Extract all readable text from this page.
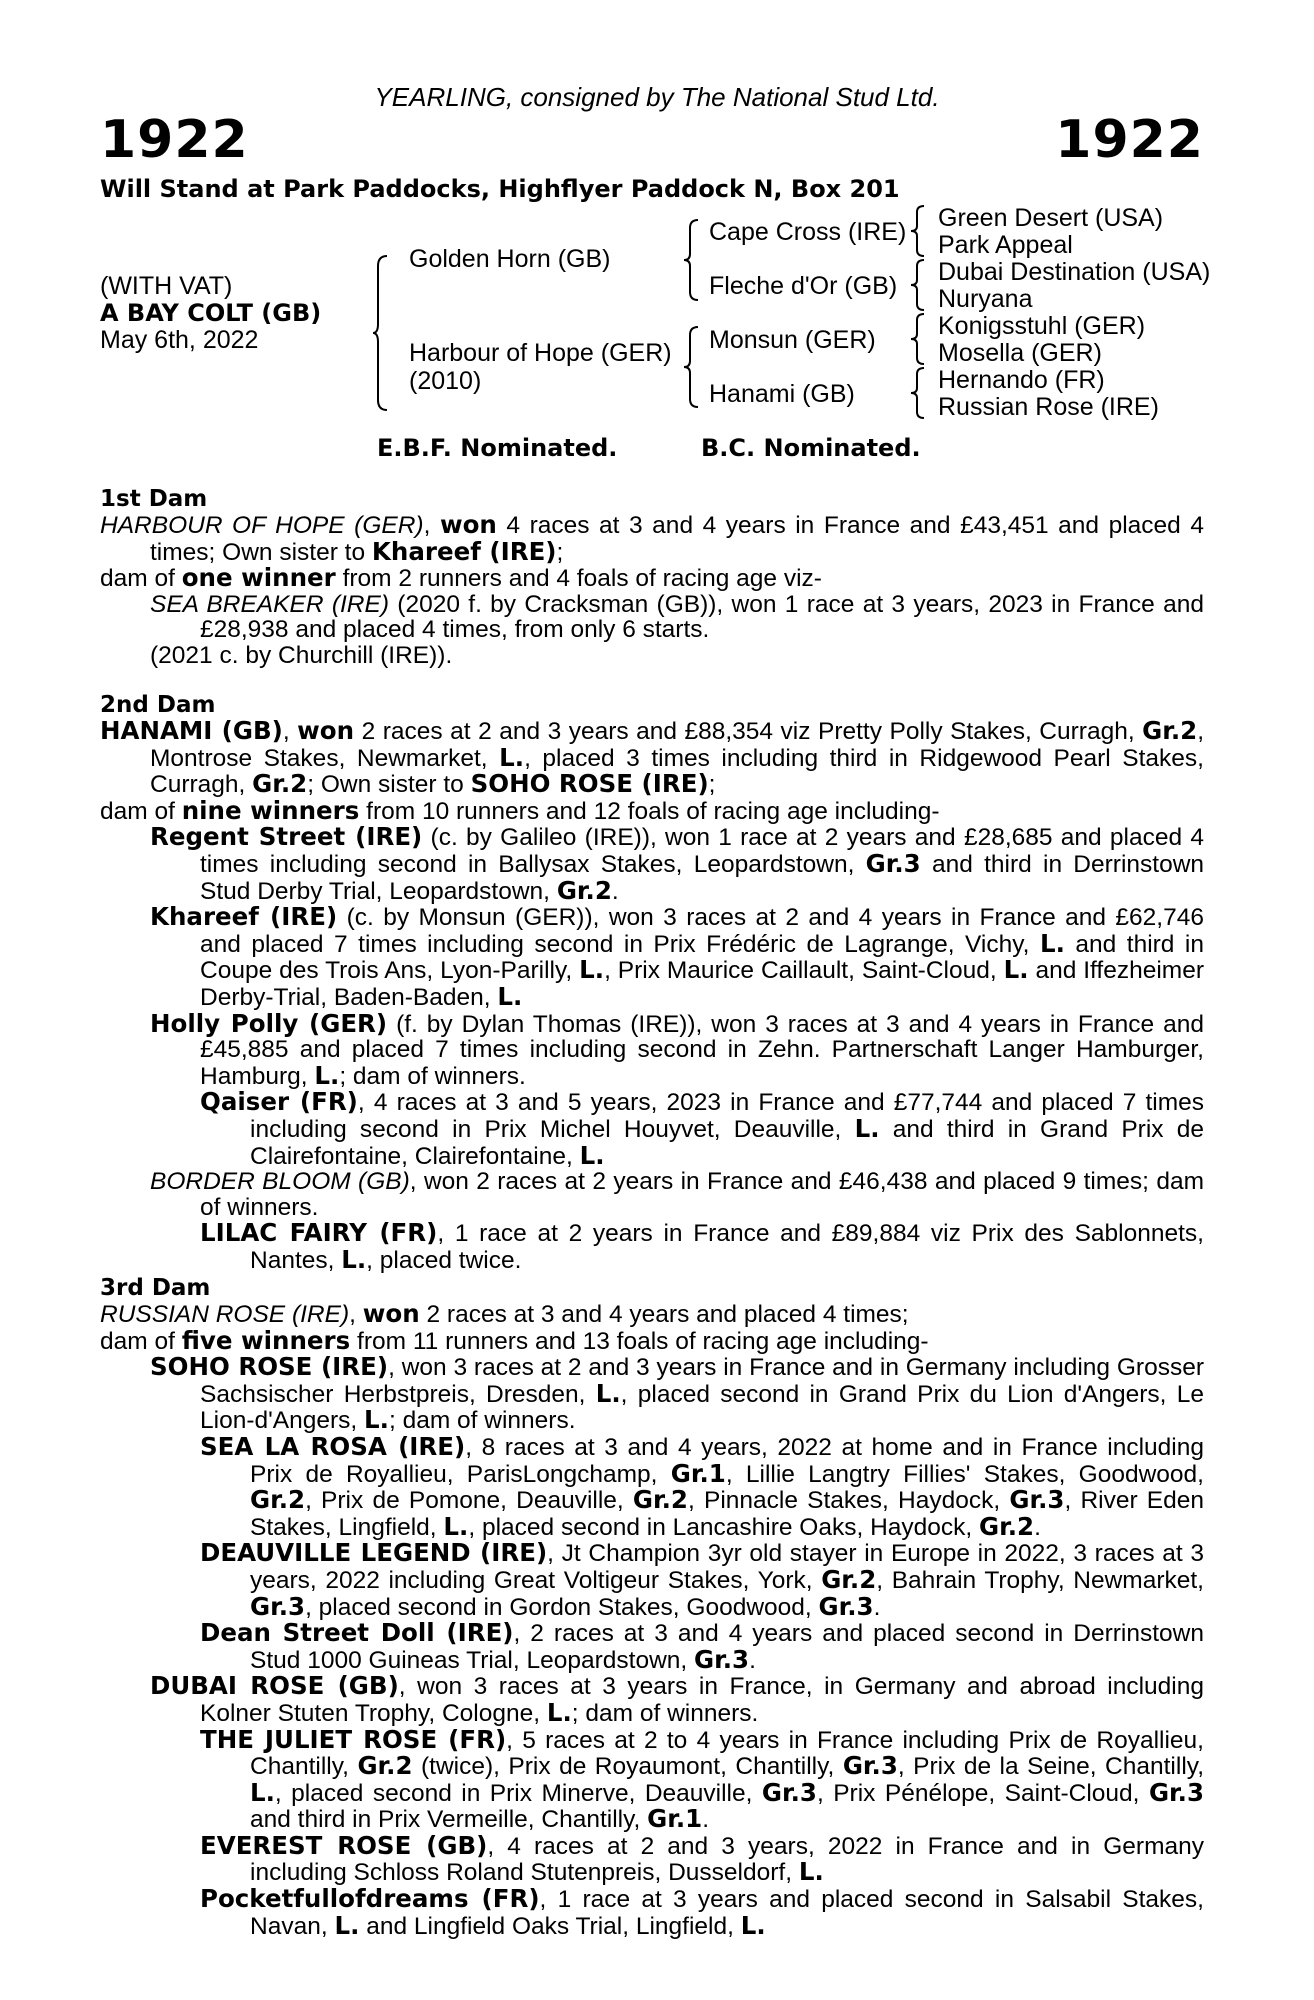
YEARLING, consigned by The National Stud Ltd.
1922	1922
Will Stand at Park Paddocks, Highflyer Paddock N, Box 201
(WITH VAT)
A BAY COLT (GB)
May 6th, 2022
Golden Horn (GB)
Harbour of Hope (GER)
(2010)
Cape Cross (IRE)
Fleche d'Or (GB)
Monsun (GER)
Hanami (GB)
Green Desert (USA)
Park Appeal
Dubai Destination (USA)
Nuryana
Konigsstuhl (GER)
Mosella (GER)
Hernando (FR)
Russian Rose (IRE)
E.B.F. Nominated.	B.C. Nominated.
1st Dam
HARBOUR OF HOPE (GER), won 4 races at 3 and 4 years in France and £43,451 and placed 4 times; Own sister to Khareef (IRE);
dam of one winner from 2 runners and 4 foals of racing age viz-
SEA BREAKER (IRE) (2020 f. by Cracksman (GB)), won 1 race at 3 years, 2023 in France and £28,938 and placed 4 times, from only 6 starts.
(2021 c. by Churchill (IRE)).
2nd Dam
HANAMI (GB), won 2 races at 2 and 3 years and £88,354 viz Pretty Polly Stakes, Curragh, Gr.2, Montrose Stakes, Newmarket, L., placed 3 times including third in Ridgewood Pearl Stakes, Curragh, Gr.2; Own sister to SOHO ROSE (IRE);
dam of nine winners from 10 runners and 12 foals of racing age including-
Regent Street (IRE) (c. by Galileo (IRE)), won 1 race at 2 years and £28,685 and placed 4 times including second in Ballysax Stakes, Leopardstown, Gr.3 and third in Derrinstown Stud Derby Trial, Leopardstown, Gr.2.
Khareef (IRE) (c. by Monsun (GER)), won 3 races at 2 and 4 years in France and £62,746 and placed 7 times including second in Prix Frédéric de Lagrange, Vichy, L. and third in Coupe des Trois Ans, Lyon-Parilly, L., Prix Maurice Caillault, Saint-Cloud, L. and Iffezheimer Derby-Trial, Baden-Baden, L.
Holly Polly (GER) (f. by Dylan Thomas (IRE)), won 3 races at 3 and 4 years in France and £45,885 and placed 7 times including second in Zehn. Partnerschaft Langer Hamburger, Hamburg, L.; dam of winners.
Qaiser (FR), 4 races at 3 and 5 years, 2023 in France and £77,744 and placed 7 times including second in Prix Michel Houyvet, Deauville, L. and third in Grand Prix de Clairefontaine, Clairefontaine, L.
BORDER BLOOM (GB), won 2 races at 2 years in France and £46,438 and placed 9 times; dam of winners.
LILAC FAIRY (FR), 1 race at 2 years in France and £89,884 viz Prix des Sablonnets, Nantes, L., placed twice.
3rd Dam
RUSSIAN ROSE (IRE), won 2 races at 3 and 4 years and placed 4 times;
dam of five winners from 11 runners and 13 foals of racing age including-
SOHO ROSE (IRE), won 3 races at 2 and 3 years in France and in Germany including Grosser Sachsischer Herbstpreis, Dresden, L., placed second in Grand Prix du Lion d'Angers, Le Lion-d'Angers, L.; dam of winners.
SEA LA ROSA (IRE), 8 races at 3 and 4 years, 2022 at home and in France including Prix de Royallieu, ParisLongchamp, Gr.1, Lillie Langtry Fillies' Stakes, Goodwood, Gr.2, Prix de Pomone, Deauville, Gr.2, Pinnacle Stakes, Haydock, Gr.3, River Eden Stakes, Lingfield, L., placed second in Lancashire Oaks, Haydock, Gr.2.
DEAUVILLE LEGEND (IRE), Jt Champion 3yr old stayer in Europe in 2022, 3 races at 3 years, 2022 including Great Voltigeur Stakes, York, Gr.2, Bahrain Trophy, Newmarket, Gr.3, placed second in Gordon Stakes, Goodwood, Gr.3.
Dean Street Doll (IRE), 2 races at 3 and 4 years and placed second in Derrinstown Stud 1000 Guineas Trial, Leopardstown, Gr.3.
DUBAI ROSE (GB), won 3 races at 3 years in France, in Germany and abroad including Kolner Stuten Trophy, Cologne, L.; dam of winners.
THE JULIET ROSE (FR), 5 races at 2 to 4 years in France including Prix de Royallieu, Chantilly, Gr.2 (twice), Prix de Royaumont, Chantilly, Gr.3, Prix de la Seine, Chantilly, L., placed second in Prix Minerve, Deauville, Gr.3, Prix Pénélope, Saint-Cloud, Gr.3 and third in Prix Vermeille, Chantilly, Gr.1.
EVEREST ROSE (GB), 4 races at 2 and 3 years, 2022 in France and in Germany including Schloss Roland Stutenpreis, Dusseldorf, L.
Pocketfullofdreams (FR), 1 race at 3 years and placed second in Salsabil Stakes, Navan, L. and Lingfield Oaks Trial, Lingfield, L.
